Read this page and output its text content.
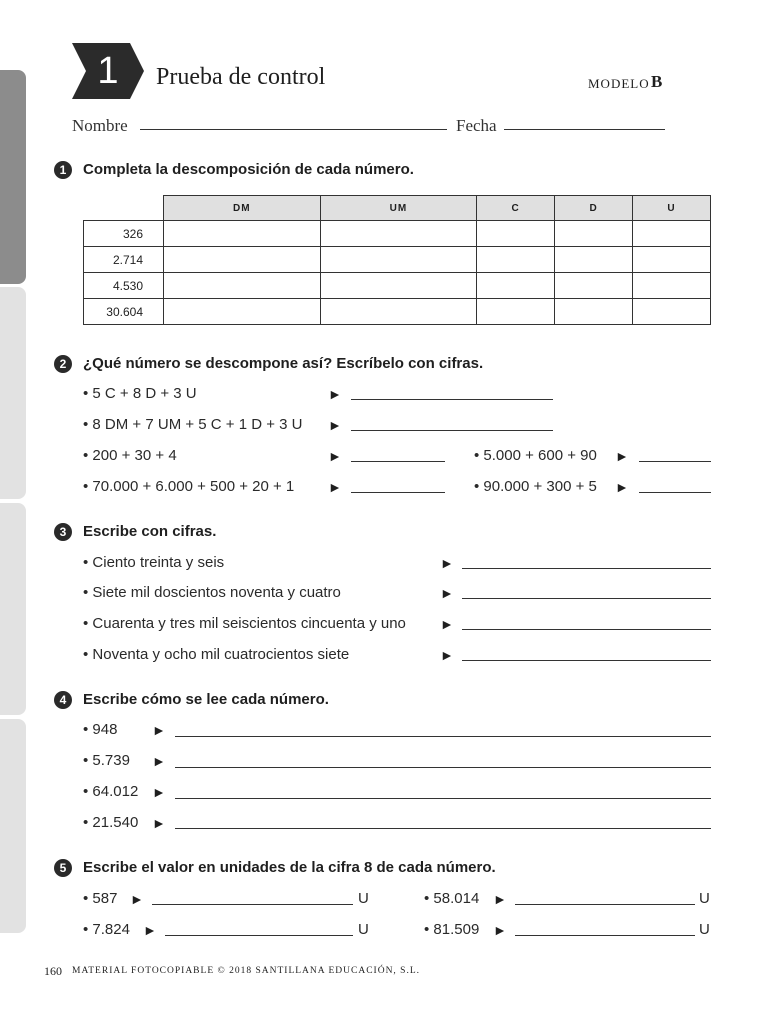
1 Prueba de control	MODELO B
Nombre	Fecha
1	Completa la descomposición de cada número.
	DM	UM	C	D	U
326					
2.714					
4.530					
30.604					
2	¿Qué número se descompone así? Escríbelo con cifras.
• 5 C + 8 D + 3 U	►
• 8 DM + 7 UM + 5 C + 1 D + 3 U ►
• 200 + 30 + 4	►	• 5.000 + 600 + 90 ►
• 70.000 + 6.000 + 500 + 20 + 1 ►	• 90.000 + 300 + 5 ►
3	Escribe con cifras.
• Ciento treinta y seis	►
• Siete mil doscientos noventa y cuatro	►
• Cuarenta y tres mil seiscientos cincuenta y uno ►
• Noventa y ocho mil cuatrocientos siete	►
4	Escribe cómo se lee cada número.
• 948 ►
• 5.739 ►
• 64.012 ►
• 21.540 ►
5	Escribe el valor en unidades de la cifra 8 de cada número.
• 587 ►	U	• 58.014 ►	U
• 7.824 ►	U	• 81.509 ►	U
160 MATERIAL FOTOCOPIABLE © 2018 SANTILLANA EDUCACIÓN, S.L.
